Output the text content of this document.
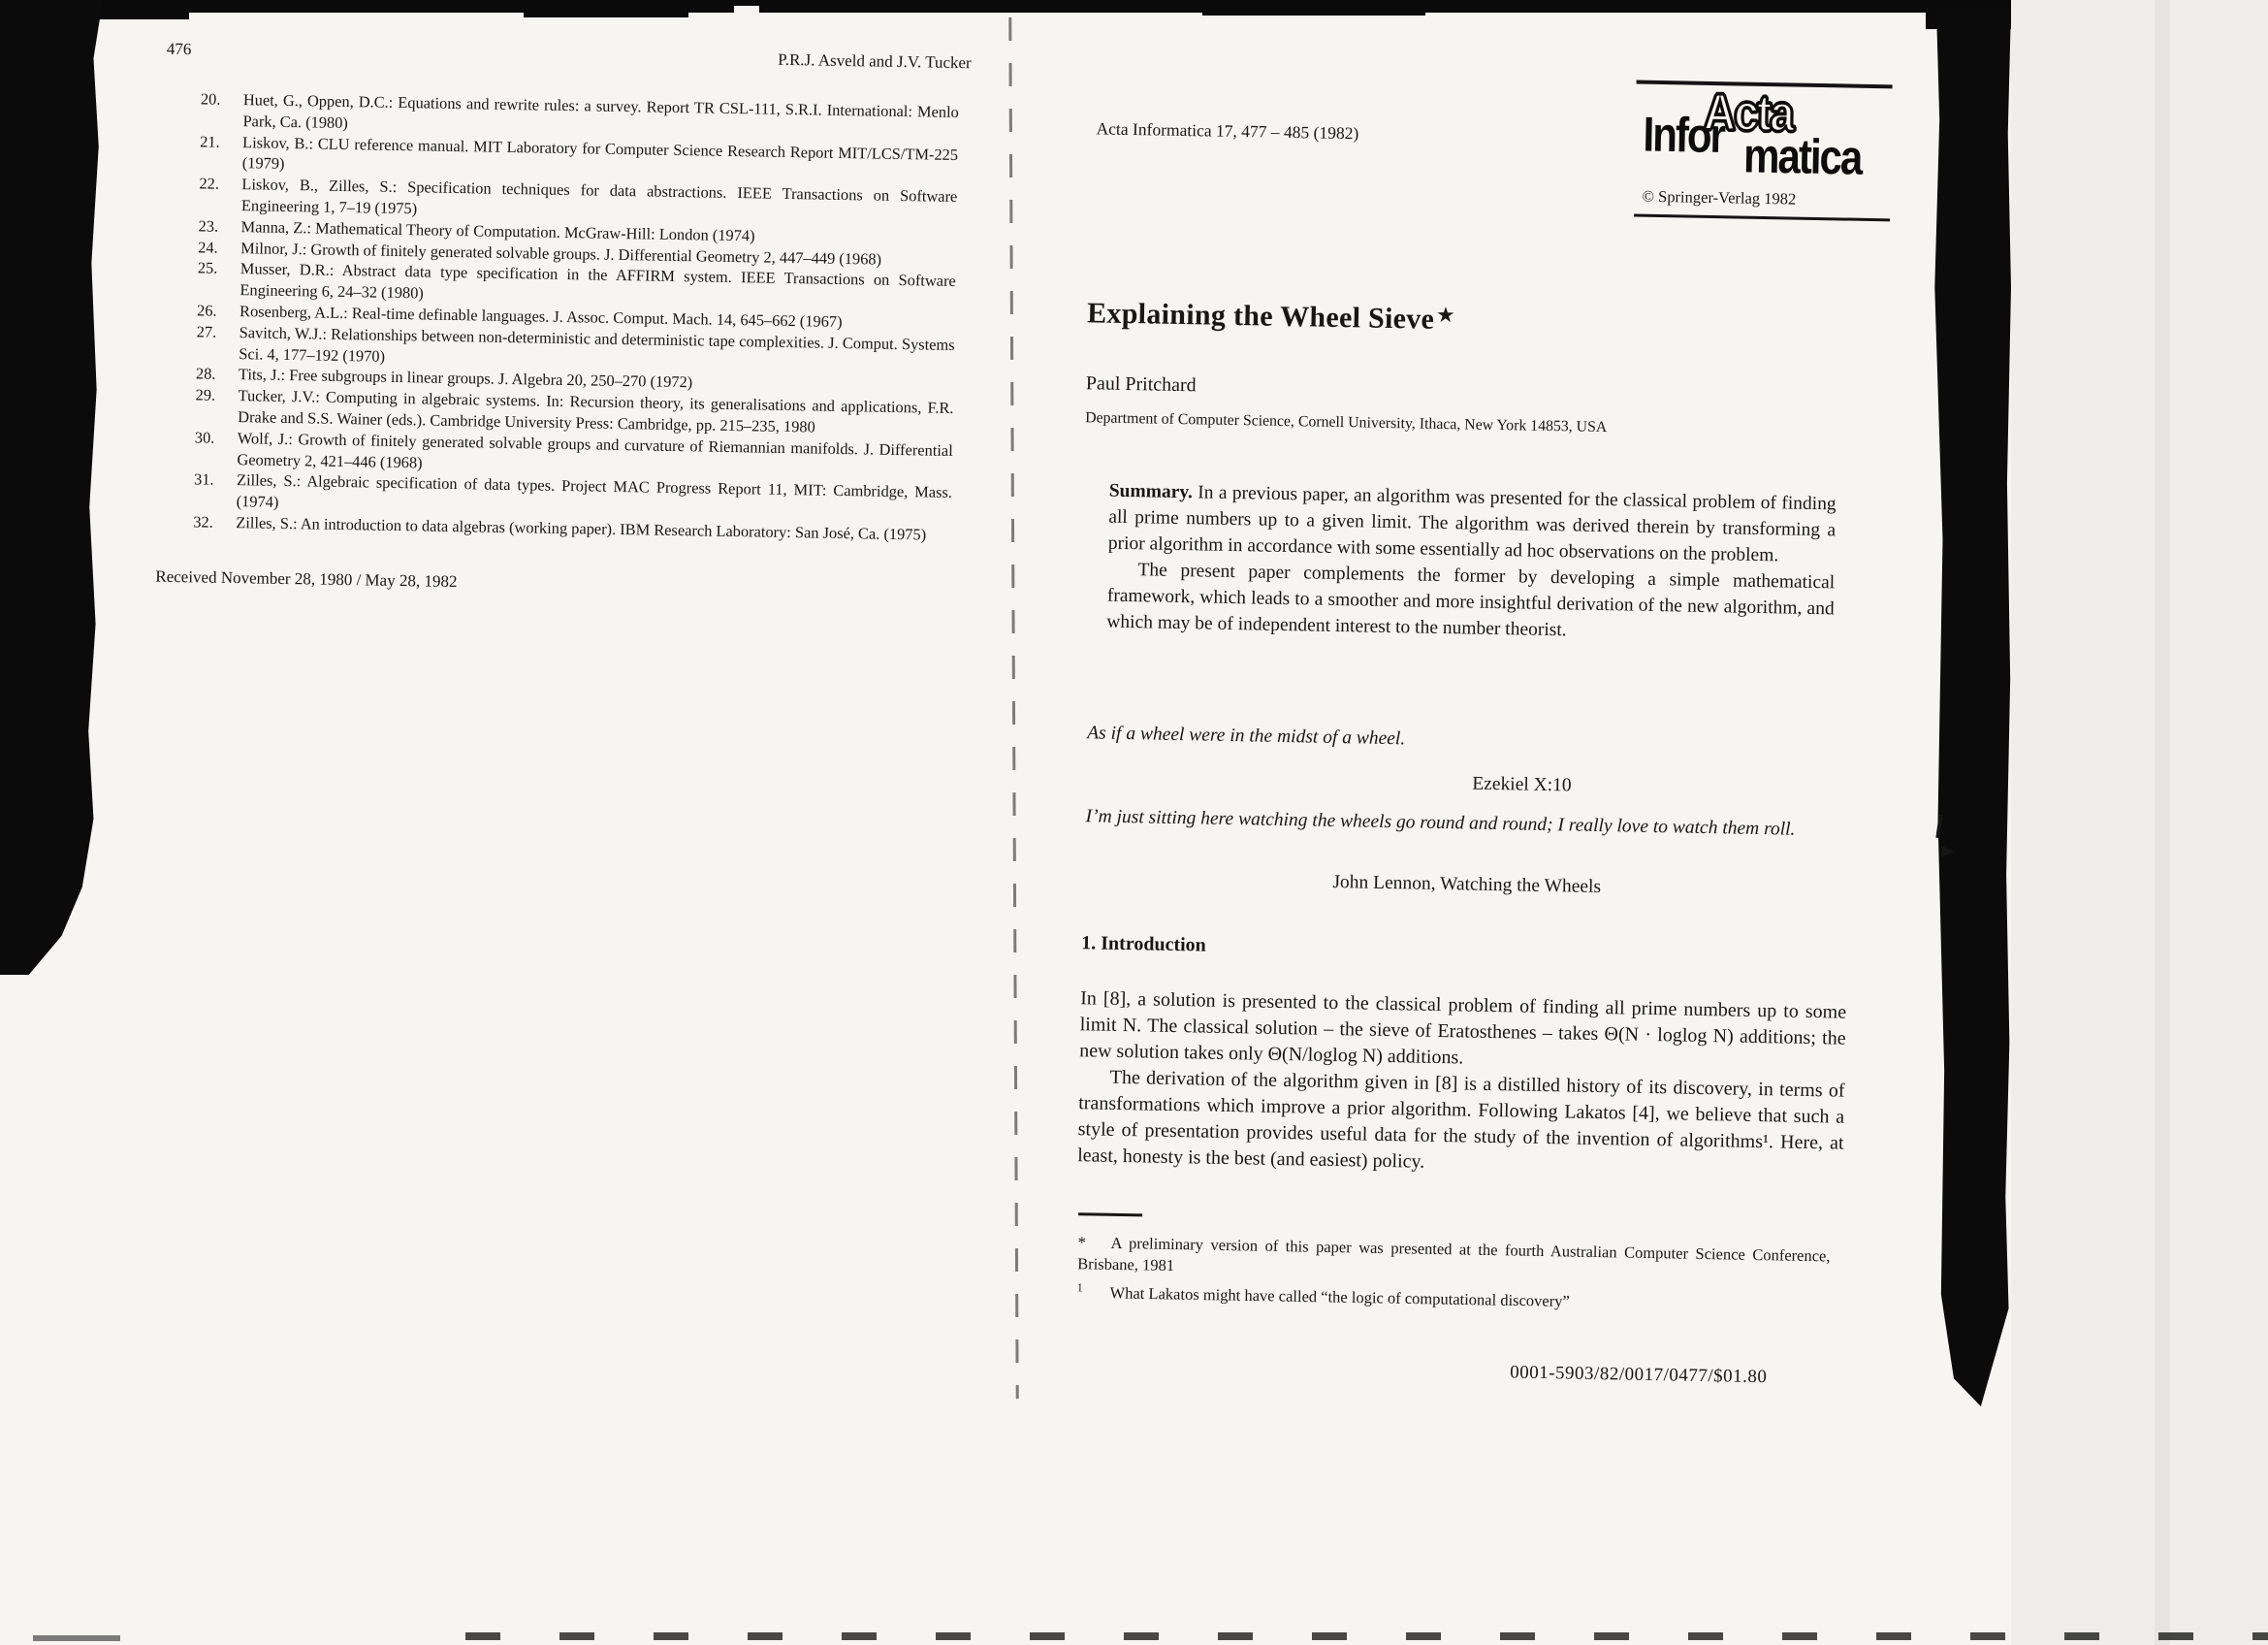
476
P.R.J. Asveld and J.V. Tucker
20. Huet, G., Oppen, D.C.: Equations and rewrite rules: a survey. Report TR CSL-111, S.R.I. International: Menlo Park, Ca. (1980)
21. Liskov, B.: CLU reference manual. MIT Laboratory for Computer Science Research Report MIT/LCS/TM-225 (1979)
22. Liskov, B., Zilles, S.: Specification techniques for data abstractions. IEEE Transactions on Software Engineering 1, 7–19 (1975)
23. Manna, Z.: Mathematical Theory of Computation. McGraw-Hill: London (1974)
24. Milnor, J.: Growth of finitely generated solvable groups. J. Differential Geometry 2, 447–449 (1968)
25. Musser, D.R.: Abstract data type specification in the AFFIRM system. IEEE Transactions on Software Engineering 6, 24–32 (1980)
26. Rosenberg, A.L.: Real-time definable languages. J. Assoc. Comput. Mach. 14, 645–662 (1967)
27. Savitch, W.J.: Relationships between non-deterministic and deterministic tape complexities. J. Comput. Systems Sci. 4, 177–192 (1970)
28. Tits, J.: Free subgroups in linear groups. J. Algebra 20, 250–270 (1972)
29. Tucker, J.V.: Computing in algebraic systems. In: Recursion theory, its generalisations and applications, F.R. Drake and S.S. Wainer (eds.). Cambridge University Press: Cambridge, pp. 215–235, 1980
30. Wolf, J.: Growth of finitely generated solvable groups and curvature of Riemannian manifolds. J. Differential Geometry 2, 421–446 (1968)
31. Zilles, S.: Algebraic specification of data types. Project MAC Progress Report 11, MIT: Cambridge, Mass. (1974)
32. Zilles, S.: An introduction to data algebras (working paper). IBM Research Laboratory: San José, Ca. (1975)
Received November 28, 1980 / May 28, 1982
Acta Informatica 17, 477 – 485 (1982)	Acta
Infor matica
© Springer-Verlag 1982
Explaining the Wheel Sieve ★
Paul Pritchard
Department of Computer Science, Cornell University, Ithaca, New York 14853, USA

Summary. In a previous paper, an algorithm was presented for the classical problem of finding all prime numbers up to a given limit. The algorithm was derived therein by transforming a prior algorithm in accordance with some essentially ad hoc observations on the problem.

The present paper complements the former by developing a simple mathematical framework, which leads to a smoother and more insightful derivation of the new algorithm, and which may be of independent interest to the number theorist.

As if a wheel were in the midst of a wheel.
Ezekiel X:10
I’m just sitting here watching the wheels go round and round; I really love to watch them roll.
John Lennon, Watching the Wheels
1. Introduction

In [8], a solution is presented to the classical problem of finding all prime numbers up to some limit N. The classical solution – the sieve of Eratosthenes – takes Θ(N · loglog N) additions; the new solution takes only Θ(N/loglog N) additions.

The derivation of the algorithm given in [8] is a distilled history of its discovery, in terms of transformations which improve a prior algorithm. Following Lakatos [4], we believe that such a style of presentation provides useful data for the study of the invention of algorithms¹. Here, at least, honesty is the best (and easiest) policy.

* A preliminary version of this paper was presented at the fourth Australian Computer Science Conference, Brisbane, 1981

1 What Lakatos might have called “the logic of computational discovery”

0001-5903/82/0017/0477/$01.80
